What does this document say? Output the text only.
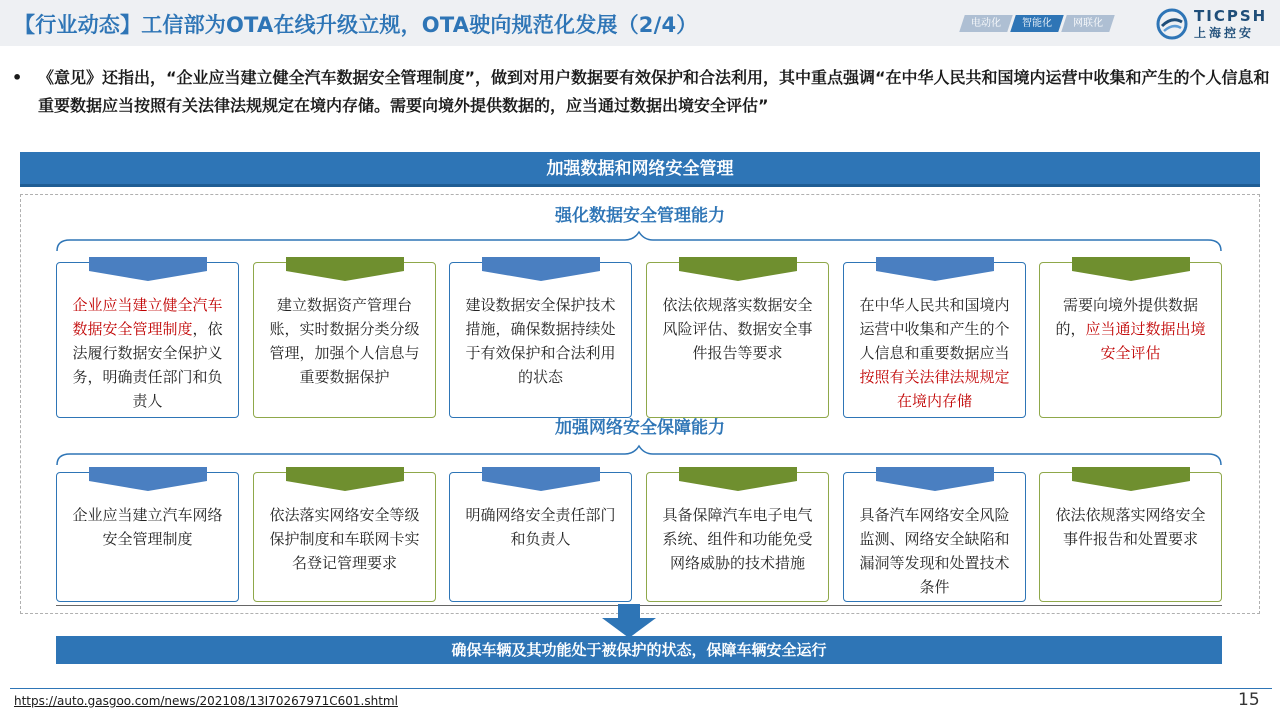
【行业动态】工信部为OTA在线升级立规，OTA驶向规范化发展（2/4）	电动化	智能化	网联化	TICPSH
上海控安
• 《意见》还指出，“企业应当建立健全汽车数据安全管理制度”，做到对用户数据要有效保护和合法利用，其中重点强调“在中华人民共和国境内运营中收集和产生的个人信息和重要数据应当按照有关法律法规规定在境内存储。需要向境外提供数据的，应当通过数据出境安全评估”
加强数据和网络安全管理
强化数据安全管理能力
企业应当建立健全汽车数据安全管理制度，依法履行数据安全保护义务，明确责任部门和负责人
建立数据资产管理台账，实时数据分类分级管理，加强个人信息与重要数据保护
建设数据安全保护技术措施，确保数据持续处于有效保护和合法利用的状态
依法依规落实数据安全风险评估、数据安全事件报告等要求
在中华人民共和国境内运营中收集和产生的个人信息和重要数据应当按照有关法律法规规定在境内存储
需要向境外提供数据的，应当通过数据出境安全评估
加强网络安全保障能力
企业应当建立汽车网络安全管理制度
依法落实网络安全等级保护制度和车联网卡实名登记管理要求
明确网络安全责任部门和负责人
具备保障汽车电子电气系统、组件和功能免受网络威胁的技术措施
具备汽车网络安全风险监测、网络安全缺陷和漏洞等发现和处置技术条件
依法依规落实网络安全事件报告和处置要求
确保车辆及其功能处于被保护的状态，保障车辆安全运行
https://auto.gasgoo.com/news/202108/13I70267971C601.shtml	15
